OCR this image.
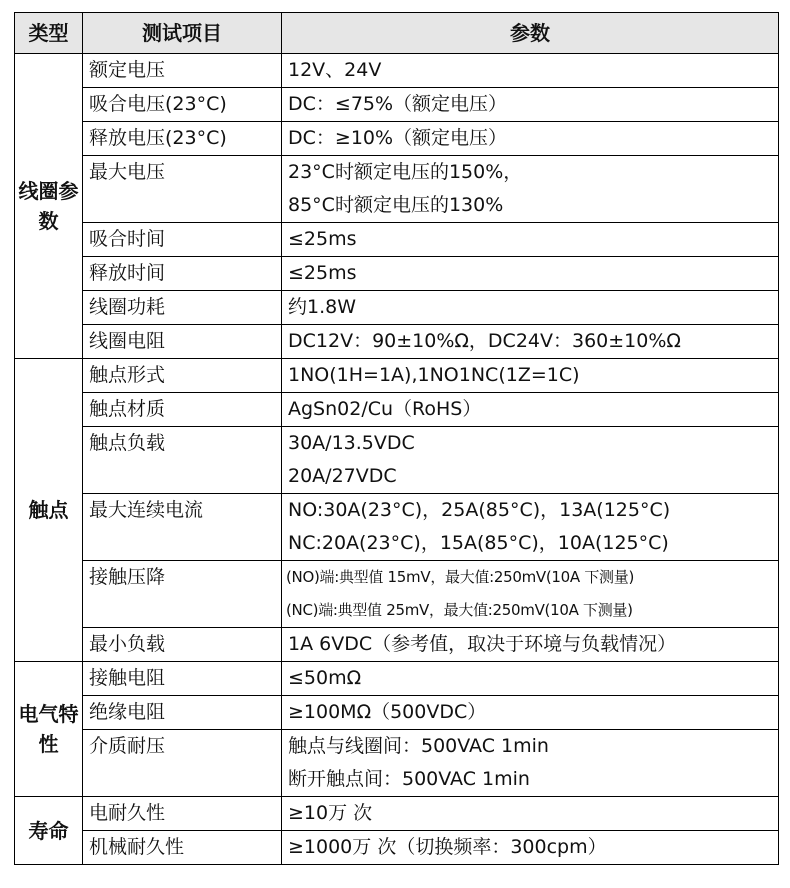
类型	测试项目	参数
线圈参数	额定电压	12V、24V

	吸合电压(23°C)	DC：≤75%（额定电压）

	释放电压(23°C)	DC：≥10%（额定电压）

	最大电压	23°C时额定电压的150%，
85°C时额定电压的130%

	吸合时间	≤25ms

	释放时间	≤25ms

	线圈功耗	约1.8W

	线圈电阻	DC12V：90±10%Ω，DC24V：360±10%Ω

触点	触点形式	1NO(1H=1A),1NO1NC(1Z=1C)

	触点材质	AgSn02/Cu（RoHS）

	触点负载	30A/13.5VDC
20A/27VDC

	最大连续电流	NO:30A(23°C)，25A(85°C)，13A(125°C)
NC:20A(23°C)，15A(85°C)，10A(125°C)

	接触压降	(NO)端:典型值 15mV，最大值:250mV(10A 下测量)
(NC)端:典型值 25mV，最大值:250mV(10A 下测量)

	最小负载	1A 6VDC（参考值，取决于环境与负载情况）

电气特性	接触电阻	≤50mΩ

	绝缘电阻	≥100MΩ（500VDC）

	介质耐压	触点与线圈间：500VAC 1min
断开触点间：500VAC 1min

寿命	电耐久性	≥10万 次

	机械耐久性	≥1000万 次（切换频率：300cpm）
